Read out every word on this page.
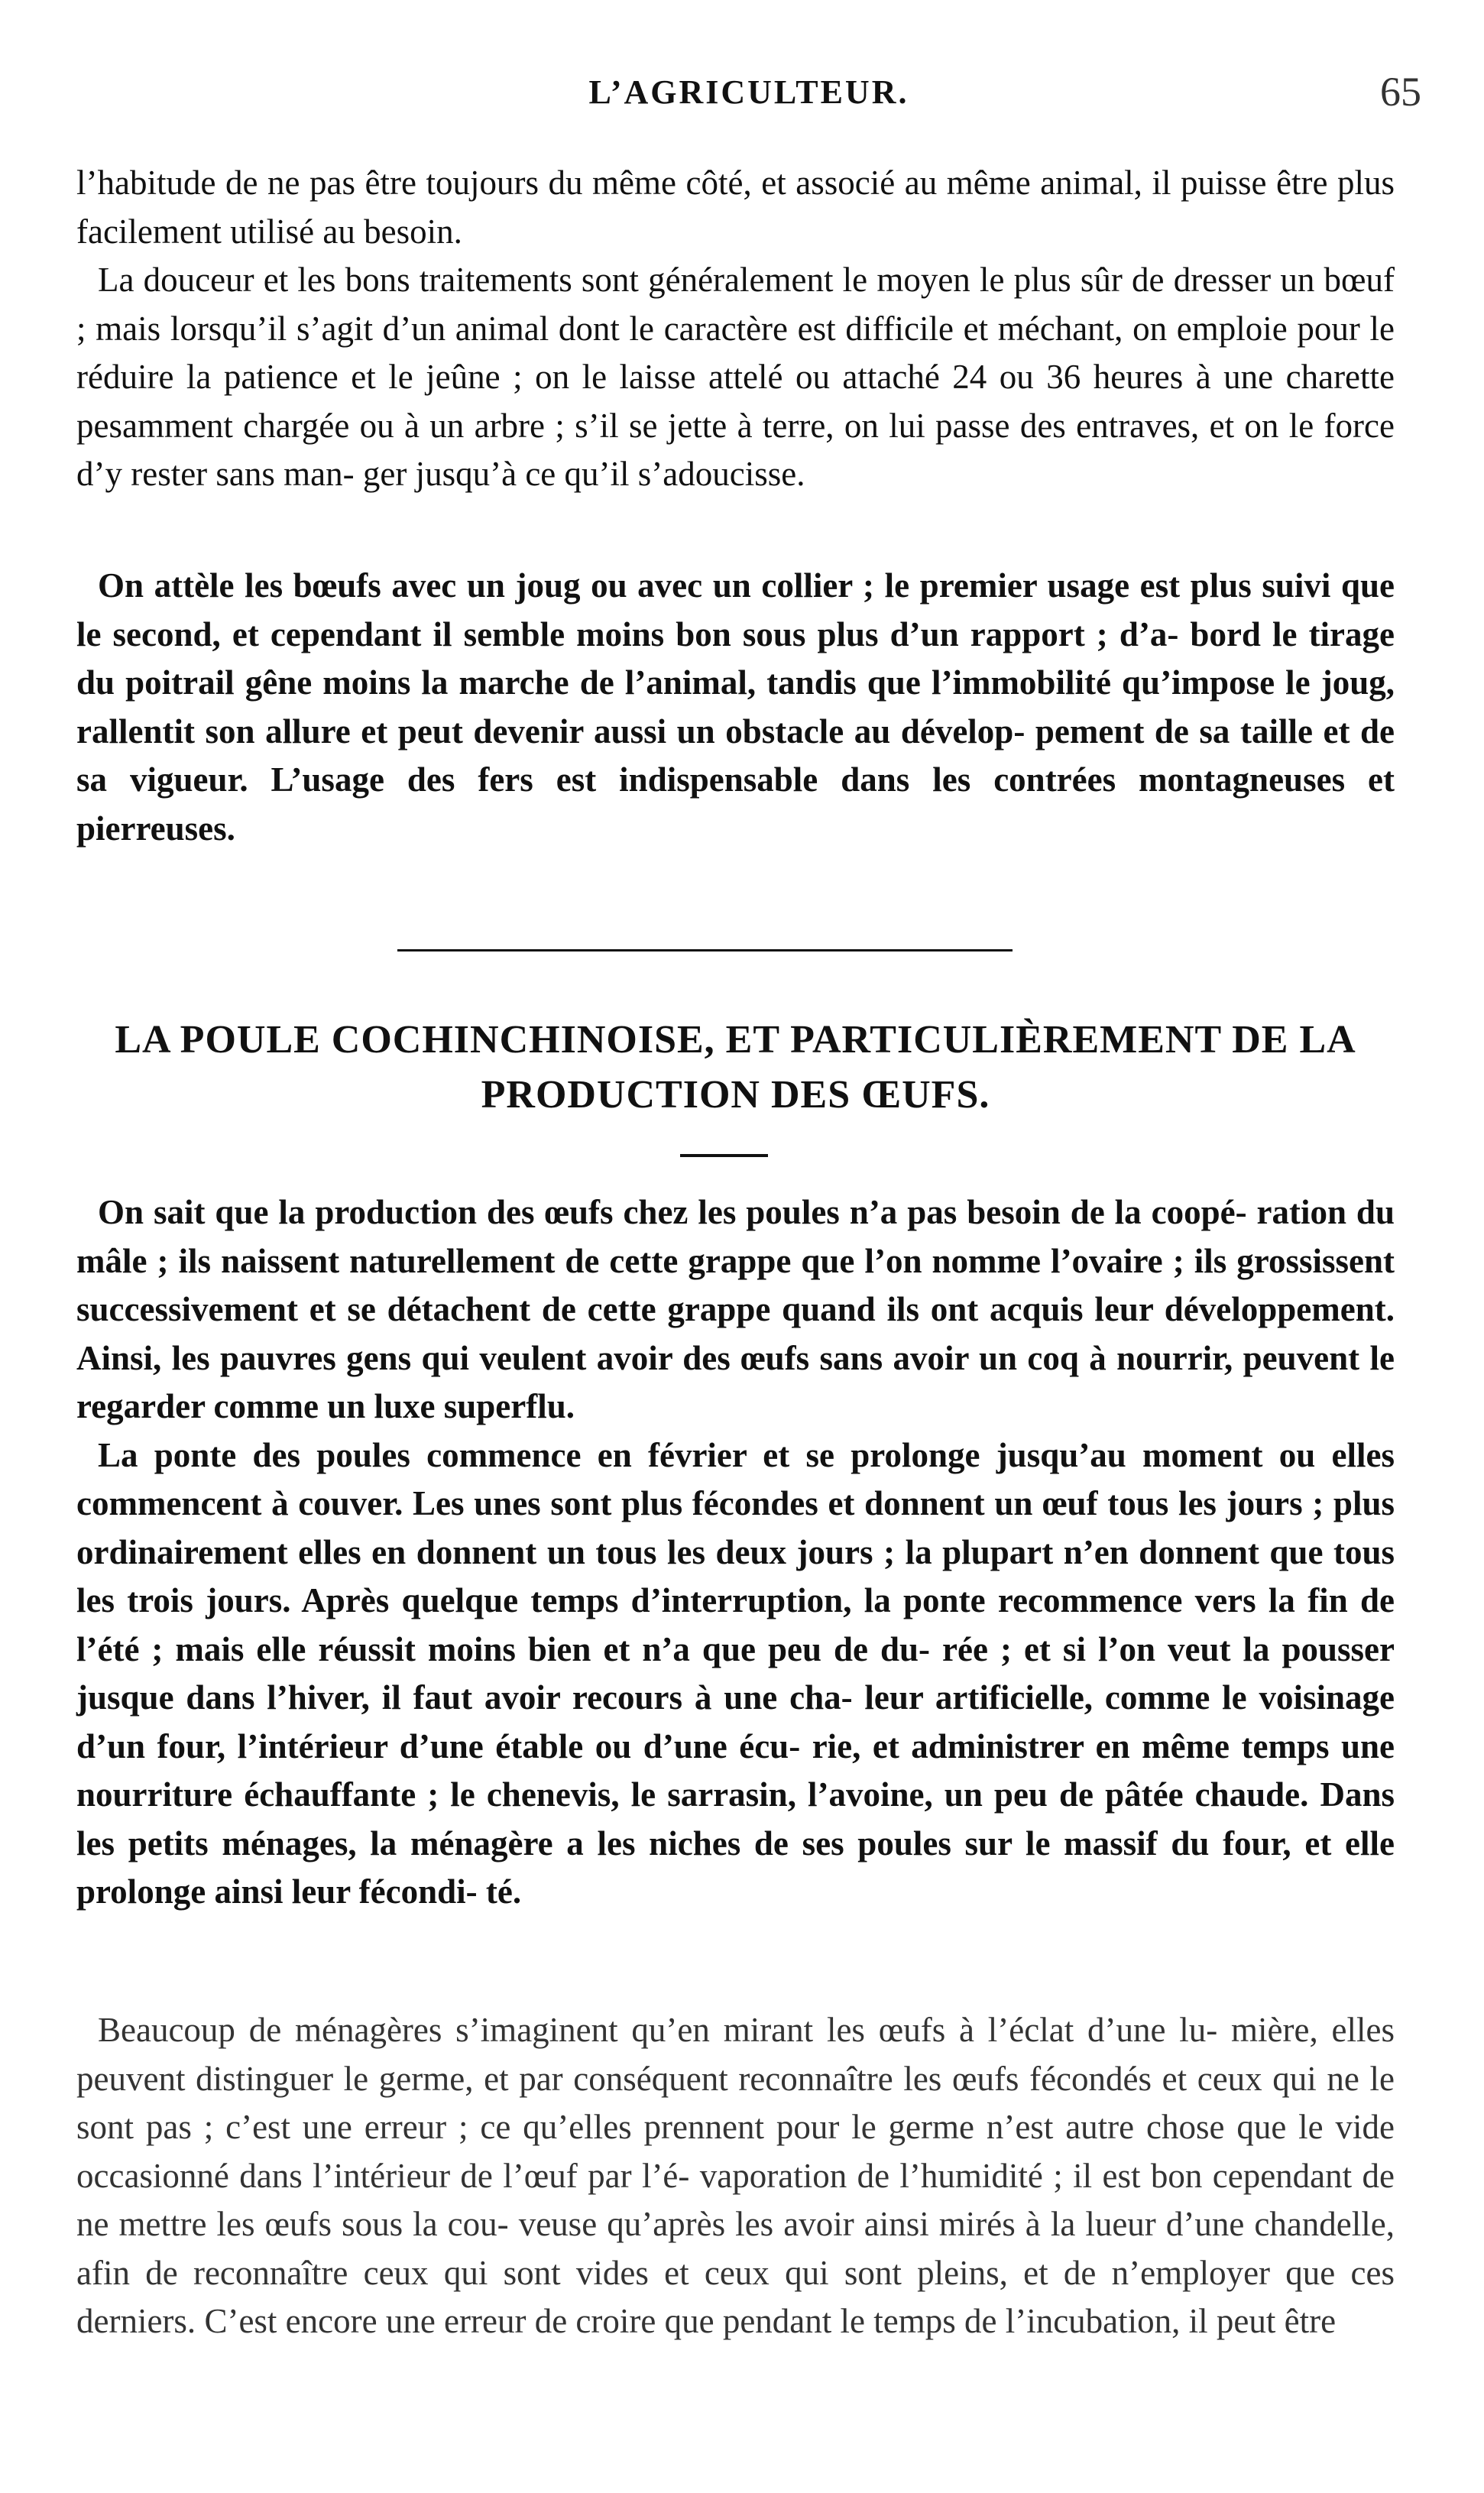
L’AGRICULTEUR.	65

l’habitude de ne pas être toujours du même côté, et associé au même animal, il puisse être plus facilement utilisé au besoin.

La douceur et les bons traitements sont généralement le moyen le plus sûr de dresser un bœuf ; mais lorsqu’il s’agit d’un animal dont le caractère est difficile et méchant, on emploie pour le réduire la patience et le jeûne ; on le laisse attelé ou attaché 24 ou 36 heures à une charette pesamment chargée ou à un arbre ; s’il se jette à terre, on lui passe des entraves, et on le force d’y rester sans man- ger jusqu’à ce qu’il s’adoucisse.

On attèle les bœufs avec un joug ou avec un collier ; le premier usage est plus suivi que le second, et cependant il semble moins bon sous plus d’un rapport ; d’a- bord le tirage du poitrail gêne moins la marche de l’animal, tandis que l’immobilité qu’impose le joug, rallentit son allure et peut devenir aussi un obstacle au dévelop- pement de sa taille et de sa vigueur. L’usage des fers est indispensable dans les contrées montagneuses et pierreuses.

LA POULE COCHINCHINOISE, ET PARTICULIÈREMENT DE LA
PRODUCTION DES ŒUFS.

On sait que la production des œufs chez les poules n’a pas besoin de la coopé- ration du mâle ; ils naissent naturellement de cette grappe que l’on nomme l’ovaire ; ils grossissent successivement et se détachent de cette grappe quand ils ont acquis leur développement. Ainsi, les pauvres gens qui veulent avoir des œufs sans avoir un coq à nourrir, peuvent le regarder comme un luxe superflu.

La ponte des poules commence en février et se prolonge jusqu’au moment ou elles commencent à couver. Les unes sont plus fécondes et donnent un œuf tous les jours ; plus ordinairement elles en donnent un tous les deux jours ; la plupart n’en donnent que tous les trois jours. Après quelque temps d’interruption, la ponte recommence vers la fin de l’été ; mais elle réussit moins bien et n’a que peu de du- rée ; et si l’on veut la pousser jusque dans l’hiver, il faut avoir recours à une cha- leur artificielle, comme le voisinage d’un four, l’intérieur d’une étable ou d’une écu- rie, et administrer en même temps une nourriture échauffante ; le chenevis, le sarrasin, l’avoine, un peu de pâtée chaude. Dans les petits ménages, la ménagère a les niches de ses poules sur le massif du four, et elle prolonge ainsi leur fécondi- té.

Beaucoup de ménagères s’imaginent qu’en mirant les œufs à l’éclat d’une lu- mière, elles peuvent distinguer le germe, et par conséquent reconnaître les œufs fécondés et ceux qui ne le sont pas ; c’est une erreur ; ce qu’elles prennent pour le germe n’est autre chose que le vide occasionné dans l’intérieur de l’œuf par l’é- vaporation de l’humidité ; il est bon cependant de ne mettre les œufs sous la cou- veuse qu’après les avoir ainsi mirés à la lueur d’une chandelle, afin de reconnaître ceux qui sont vides et ceux qui sont pleins, et de n’employer que ces derniers. C’est encore une erreur de croire que pendant le temps de l’incubation, il peut être
